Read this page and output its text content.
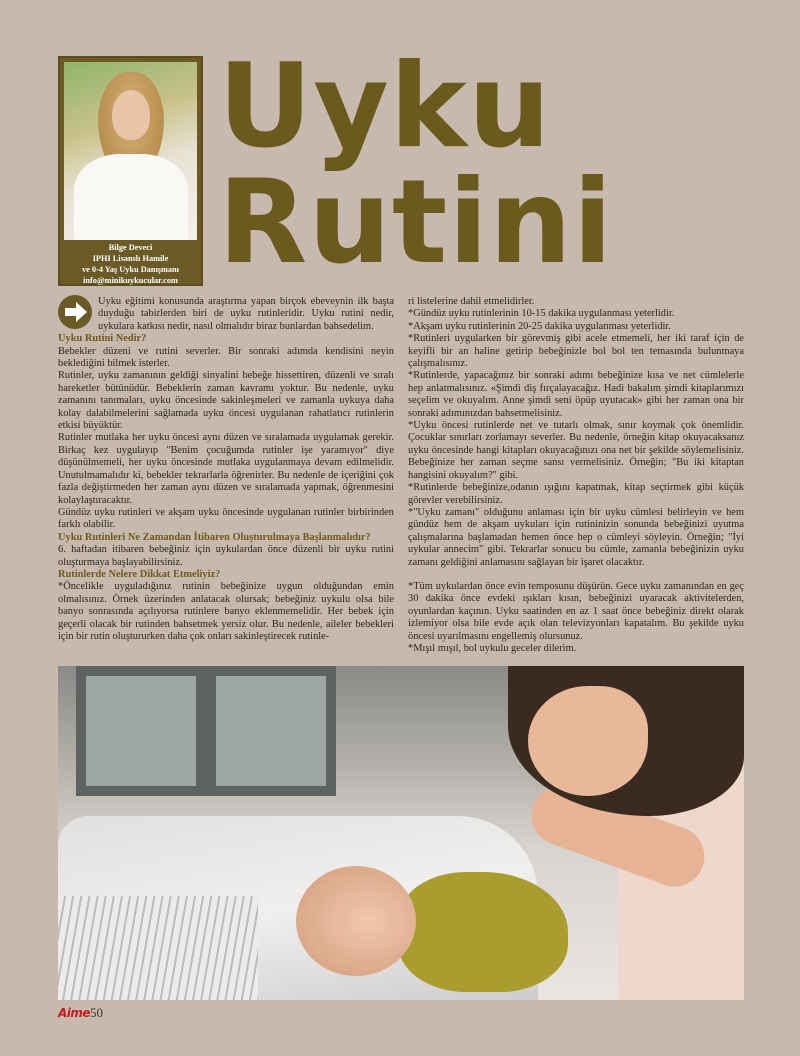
Bilge Deveci
IPHI Lisanslı Hamile
ve 0-4 Yaş Uyku Danışmanı
info@minikuykucular.com
Uyku
Rutini

Uyku eğitimi konusunda araştırma yapan birçok ebeveynin ilk başta duyduğu tabirlerden biri de uyku rutinleridir. Uyku rutini nedir, uykulara katkısı nedir, nasıl olmalıdır biraz bunlardan bahsedelim.

Uyku Rutini Nedir?

Bebekler düzeni ve rutini severler. Bir sonraki adımda kendisini neyin beklediğini bilmek isterler.

Rutinler, uyku zamanının geldiği sinyalini bebeğe hissettiren, düzenli ve sıralı hareketler bütünüdür. Bebeklerin zaman kavramı yoktur. Bu nedenle, uyku zamanını tanımaları, uyku öncesinde sakinleşmeleri ve zamanla uykuya daha kolay dalabilmelerini sağlamada uyku öncesi uygulanan rahatlatıcı rutinlerin etkisi büyüktür.

Rutinler mutlaka her uyku öncesi aynı düzen ve sıralamada uygulamak gerekir. Birkaç kez uygulayıp "Benim çocuğumda rutinler işe yaramıyor" diye düşünülmemeli, her uyku öncesinde mutlaka uygulanmaya devam edilmelidir. Unutulmamalıdır ki, bebekler tekrarlarla öğrenirler. Bu nedenle de içeriğini çok fazla değiştirmeden her zaman aynı düzen ve sıralamada yapmak, öğrenmesini kolaylaştıracaktır.

Gündüz uyku rutinleri ve akşam uyku öncesinde uygulanan rutinler birbirinden farklı olabilir.

Uyku Rutinleri Ne Zamandan İtibaren Oluşturulmaya Başlanmalıdır?

6. haftadan itibaren bebeğiniz için uykulardan önce düzenli bir uyku rutini oluşturmaya başlayabilirsiniz.

Rutinlerde Nelere Dikkat Etmeliyiz?

*Öncelikle uyguladığınız rutinin bebeğinize uygun olduğundan emin olmalısınız. Örnek üzerinden anlatacak olursak; bebeğiniz uykulu olsa bile banyo sonrasında açılıyorsa rutinlere banyo eklenmemelidir. Her bebek için geçerli olacak bir rutinden bahsetmek yersiz olur. Bu nedenle, aileler bebekleri için bir rutin oluştururken daha çok onları sakinleştirecek rutinle-

ri listelerine dahil etmelidirler.

*Gündüz uyku rutinlerinin 10-15 dakika uygulanması yeterlidir.

*Akşam uyku rutinlerinin 20-25 dakika uygulanması yeterlidir.

*Rutinleri uygularken bir görevmiş gibi acele etmemeli, her iki taraf için de keyifli bir an haline getirip bebeğinizle bol bol ten temasında bulunmaya çalışmalısınız.

*Rutinlerde, yapacağınız bir sonraki adımı bebeğinize kısa ve net cümlelerle hep anlatmalısınız. «Şimdi diş fırçalayacağız. Hadi bakalım şimdi kitaplarımızı seçelim ve okuyalım. Anne şimdi seni öpüp uyutacak» gibi her zaman ona bir sonraki adımınızdan bahsetmelisiniz.

*Uyku öncesi rutinlerde net ve tutarlı olmak, sınır koymak çok önemlidir. Çocuklar sınırları zorlamayı severler. Bu nedenle, örneğin kitap okuyacaksanız uyku öncesinde hangi kitapları okuyacağınızı ona net bir şekilde söylemelisiniz. Bebeğinize her zaman seçme sansı vermelisiniz. Örneğin; "Bu iki kitaptan hangisini okuyalım?" gibi.

*Rutinlerde bebeğinize,odanın ışığını kapatmak, kitap seçtirmek gibi küçük görevler verebilirsiniz.

*"Uyku zamanı" olduğunu anlaması için bir uyku cümlesi belirleyin ve hem gündüz hem de akşam uykuları için rutininizin sonunda bebeğinizi uyutma çalışmalarına başlamadan hemen önce hep o cümleyi söyleyin. Örneğin; "İyi uykular annecim" gibi. Tekrarlar sonucu bu cümle, zamanla bebeğinizin uyku zamanı geldiğini anlamasını sağlayan bir işaret olacaktır.

*Tüm uykulardan önce evin temposunu düşürün. Gece uyku zamanından en geç 30 dakika önce evdeki ışıkları kısın, bebeğinizi uyaracak aktivitelerden, oyunlardan kaçının. Uyku saatinden en az 1 saat önce bebeğiniz direkt olarak izlemiyor olsa bile evde açık olan televizyonları kapatalım. Bu şekilde uyku öncesi uyarılmasını engellemiş olursunuz.

*Mışıl mışıl, bol uykulu geceler dilerim.

Aime50
